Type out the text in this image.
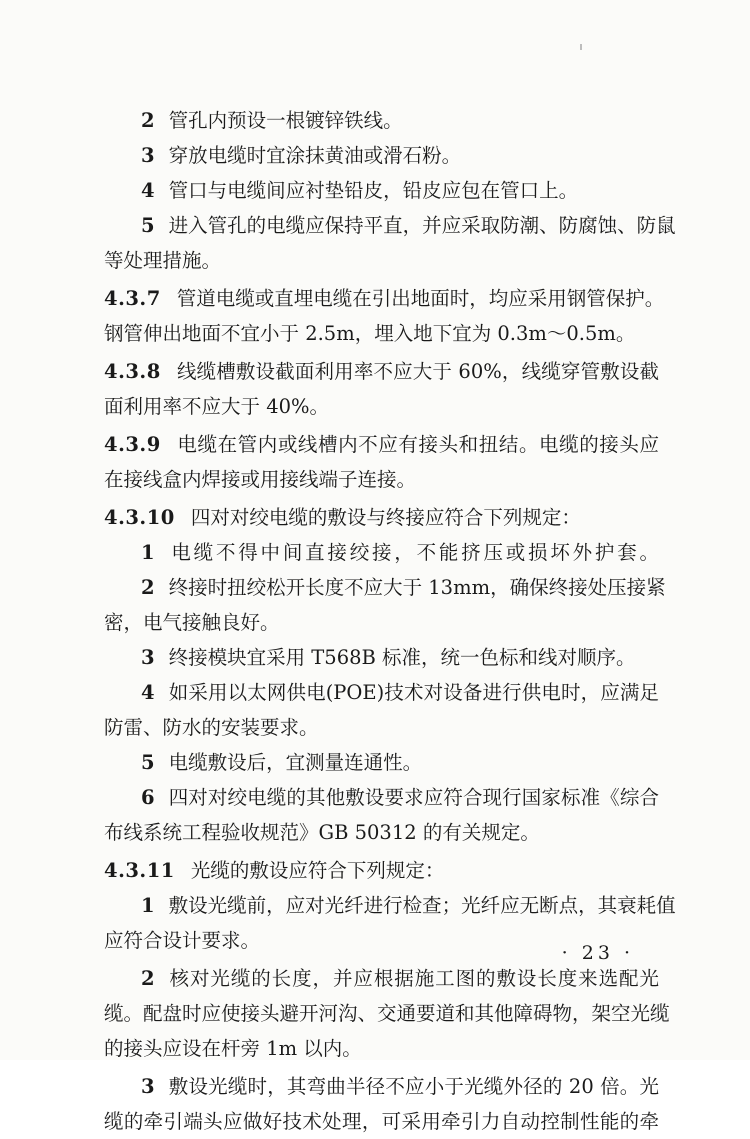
2 管孔内预设一根镀锌铁线。
3 穿放电缆时宜涂抹黄油或滑石粉。
4 管口与电缆间应衬垫铅皮，铅皮应包在管口上。
5 进入管孔的电缆应保持平直，并应采取防潮、防腐蚀、防鼠
等处理措施。
4.3.7 管道电缆或直埋电缆在引出地面时，均应采用钢管保护。
钢管伸出地面不宜小于 2.5m，埋入地下宜为 0.3m～0.5m。
4.3.8 线缆槽敷设截面利用率不应大于 60%，线缆穿管敷设截
面利用率不应大于 40%。
4.3.9 电缆在管内或线槽内不应有接头和扭结。电缆的接头应
在接线盒内焊接或用接线端子连接。
4.3.10 四对对绞电缆的敷设与终接应符合下列规定：
1 电缆不得中间直接绞接，不能挤压或损坏外护套。
2 终接时扭绞松开长度不应大于 13mm，确保终接处压接紧
密，电气接触良好。
3 终接模块宜采用 T568B 标准，统一色标和线对顺序。
4 如采用以太网供电(POE)技术对设备进行供电时，应满足
防雷、防水的安装要求。
5 电缆敷设后，宜测量连通性。
6 四对对绞电缆的其他敷设要求应符合现行国家标准《综合
布线系统工程验收规范》GB 50312 的有关规定。
4.3.11 光缆的敷设应符合下列规定：
1 敷设光缆前，应对光纤进行检查；光纤应无断点，其衰耗值
应符合设计要求。
2 核对光缆的长度，并应根据施工图的敷设长度来选配光
缆。配盘时应使接头避开河沟、交通要道和其他障碍物，架空光缆
的接头应设在杆旁 1m 以内。
3 敷设光缆时，其弯曲半径不应小于光缆外径的 20 倍。光
缆的牵引端头应做好技术处理，可采用牵引力自动控制性能的牵
· 23 ·
